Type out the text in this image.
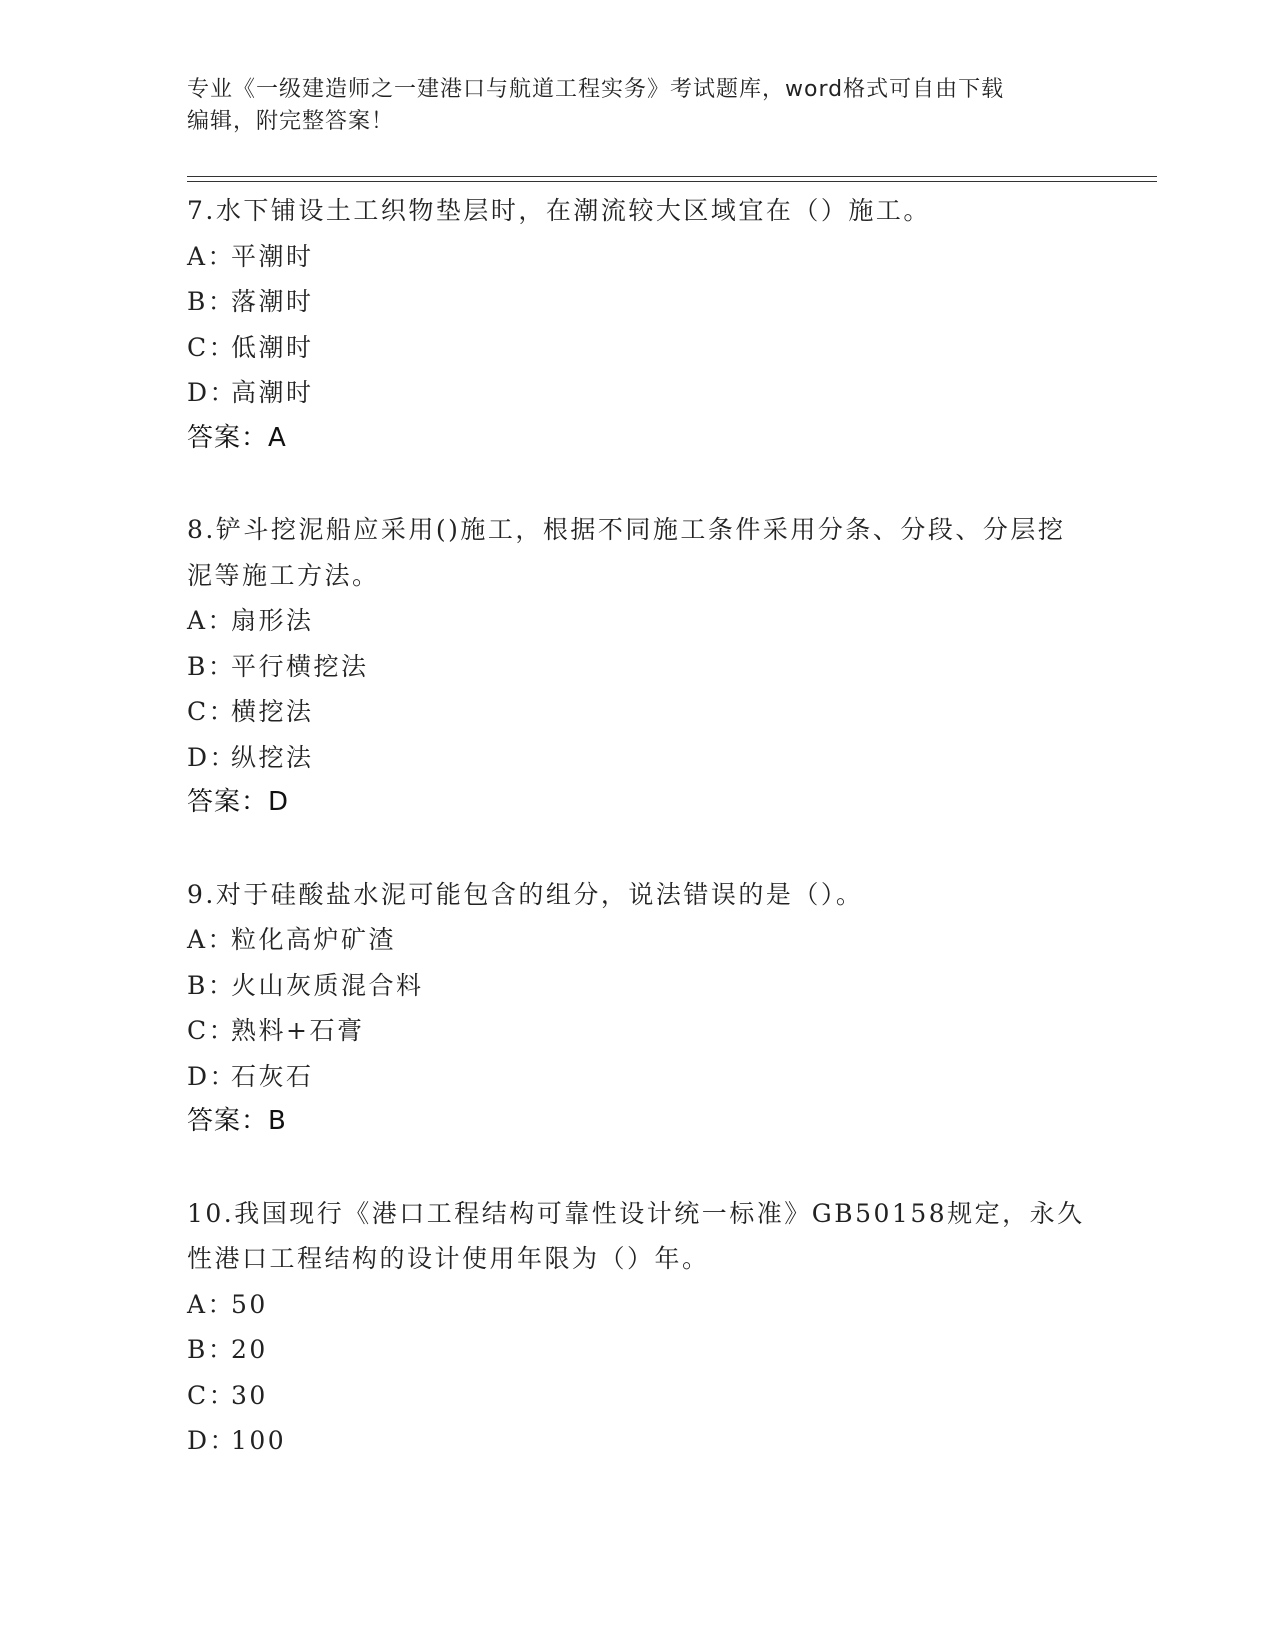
专业《一级建造师之一建港口与航道工程实务》考试题库，word格式可自由下载
编辑，附完整答案！

7.水下铺设土工织物垫层时，在潮流较大区域宜在（）施工。

A：平潮时

B：落潮时

C：低潮时

D：高潮时

答案：A

8.铲斗挖泥船应采用()施工，根据不同施工条件采用分条、分段、分层挖泥等施工方法。

A：扇形法

B：平行横挖法

C：横挖法

D：纵挖法

答案：D

9.对于硅酸盐水泥可能包含的组分，说法错误的是（）。

A：粒化高炉矿渣

B：火山灰质混合料

C：熟料+石膏

D：石灰石

答案：B

10.我国现行《港口工程结构可靠性设计统一标准》GB50158规定，永久性港口工程结构的设计使用年限为（）年。

A：50

B：20

C：30

D：100
